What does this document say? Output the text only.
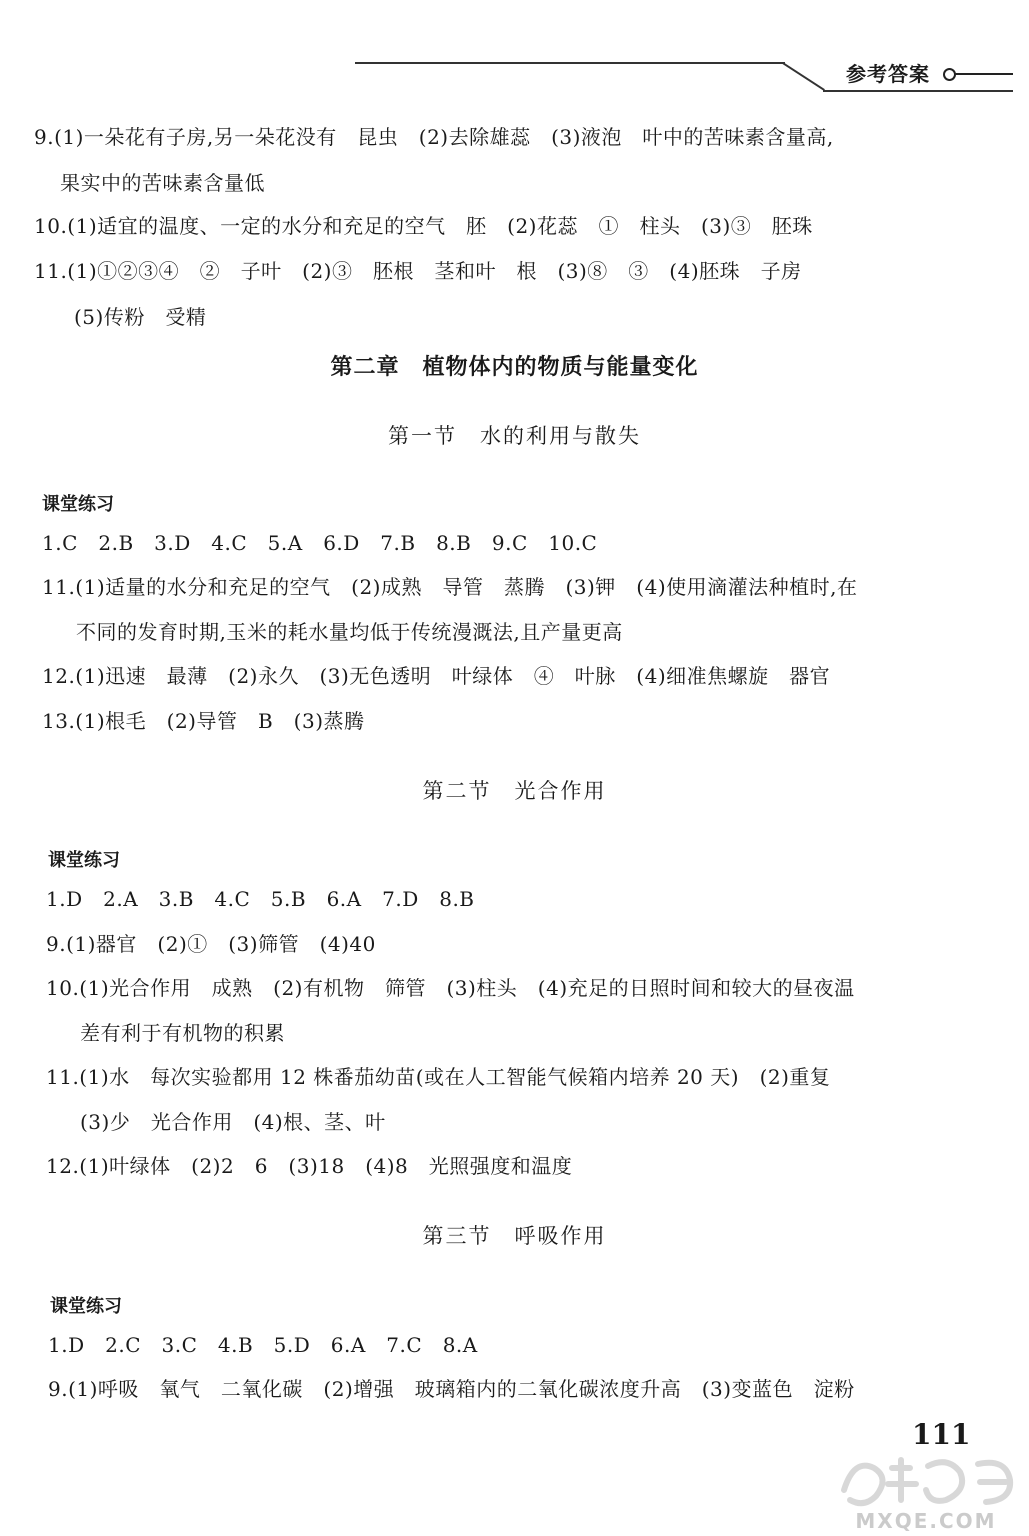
参考答案
9.(1)一朵花有子房,另一朵花没有　昆虫　(2)去除雄蕊　(3)液泡　叶中的苦味素含量高,
果实中的苦味素含量低
10.(1)适宜的温度、一定的水分和充足的空气　胚　(2)花蕊　①　柱头　(3)③　胚珠
11.(1)①②③④　②　子叶　(2)③　胚根　茎和叶　根　(3)⑧　③　(4)胚珠　子房
(5)传粉　受精
第二章　植物体内的物质与能量变化
第一节　水的利用与散失
课堂练习
1.C　2.B　3.D　4.C　5.A　6.D　7.B　8.B　9.C　10.C
11.(1)适量的水分和充足的空气　(2)成熟　导管　蒸腾　(3)钾　(4)使用滴灌法种植时,在
不同的发育时期,玉米的耗水量均低于传统漫溉法,且产量更高
12.(1)迅速　最薄　(2)永久　(3)无色透明　叶绿体　④　叶脉　(4)细准焦螺旋　器官
13.(1)根毛　(2)导管　B　(3)蒸腾
第二节　光合作用
课堂练习
1.D　2.A　3.B　4.C　5.B　6.A　7.D　8.B
9.(1)器官　(2)①　(3)筛管　(4)40
10.(1)光合作用　成熟　(2)有机物　筛管　(3)柱头　(4)充足的日照时间和较大的昼夜温
差有利于有机物的积累
11.(1)水　每次实验都用 12 株番茄幼苗(或在人工智能气候箱内培养 20 天)　(2)重复
(3)少　光合作用　(4)根、茎、叶
12.(1)叶绿体　(2)2　6　(3)18　(4)8　光照强度和温度
第三节　呼吸作用
课堂练习
1.D　2.C　3.C　4.B　5.D　6.A　7.C　8.A
9.(1)呼吸　氧气　二氧化碳　(2)增强　玻璃箱内的二氧化碳浓度升高　(3)变蓝色　淀粉
111
MXQE.COM
